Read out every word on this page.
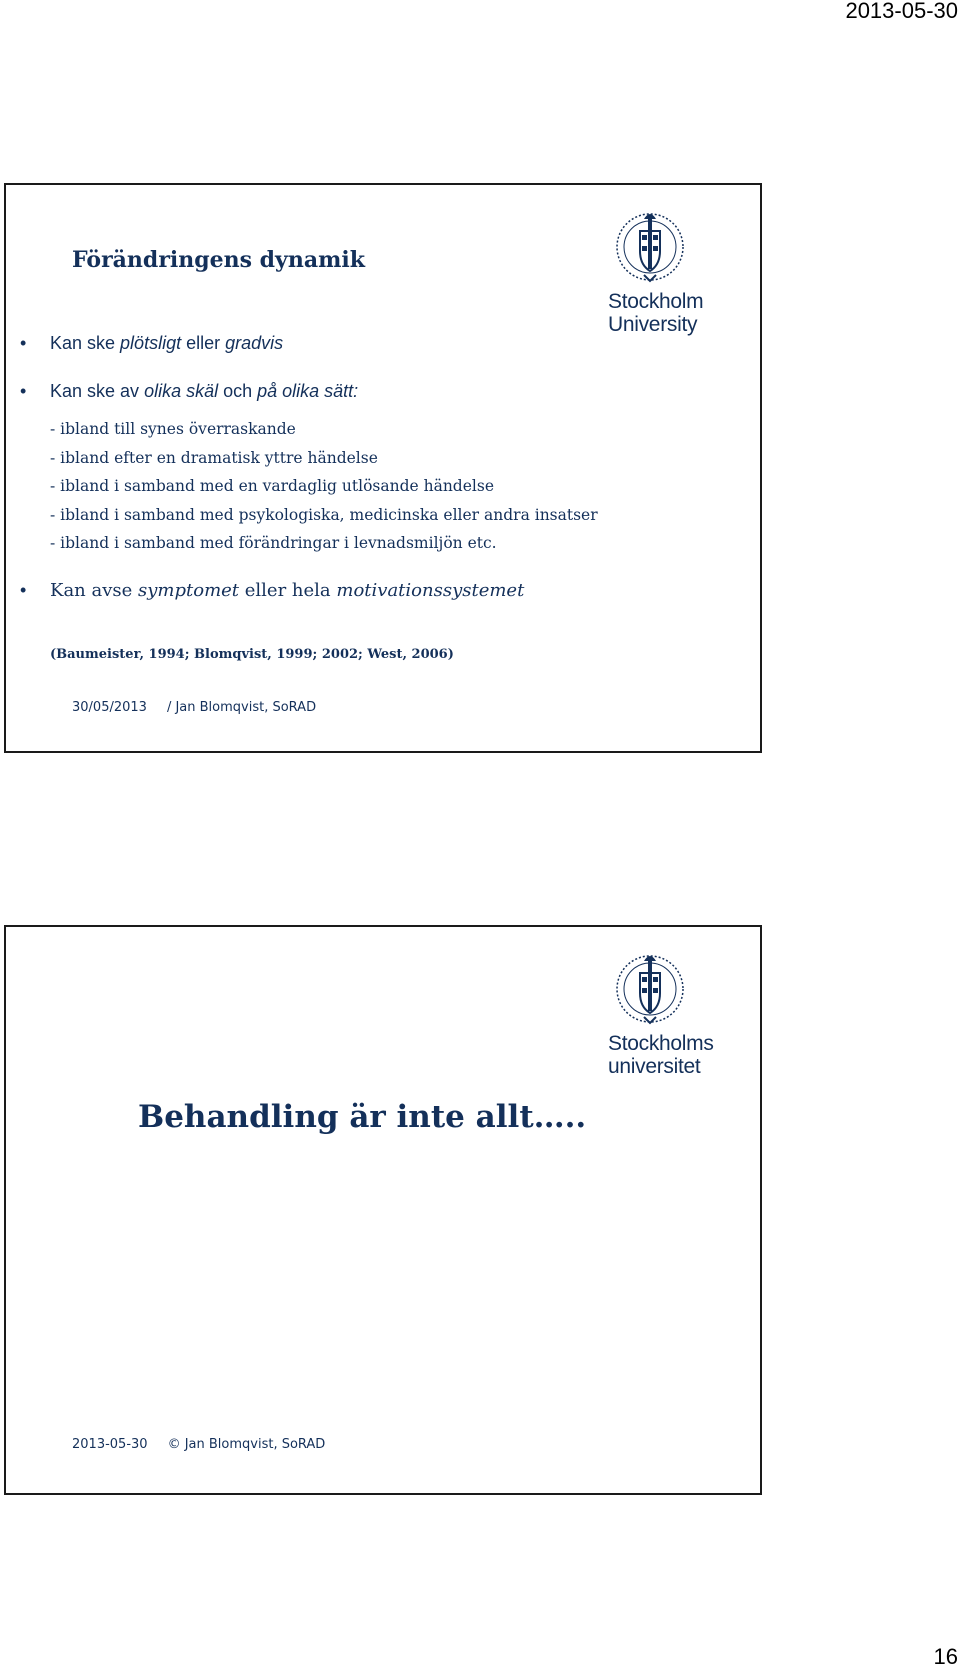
2013-05-30
Stockholm
University
Förändringens dynamik
• Kan ske plötsligt eller gradvis
• Kan ske av olika skäl och på olika sätt:
- ibland till synes överraskande
- ibland efter en dramatisk yttre händelse
- ibland i samband med en vardaglig utlösande händelse
- ibland i samband med psykologiska, medicinska eller andra insatser
- ibland i samband med förändringar i levnadsmiljön etc.
• Kan avse symptomet eller hela motivationssystemet
(Baumeister, 1994; Blomqvist, 1999; 2002; West, 2006)
30/05/2013 / Jan Blomqvist, SoRAD
Stockholms
universitet
Behandling är inte allt…..
2013-05-30 © Jan Blomqvist, SoRAD
16
